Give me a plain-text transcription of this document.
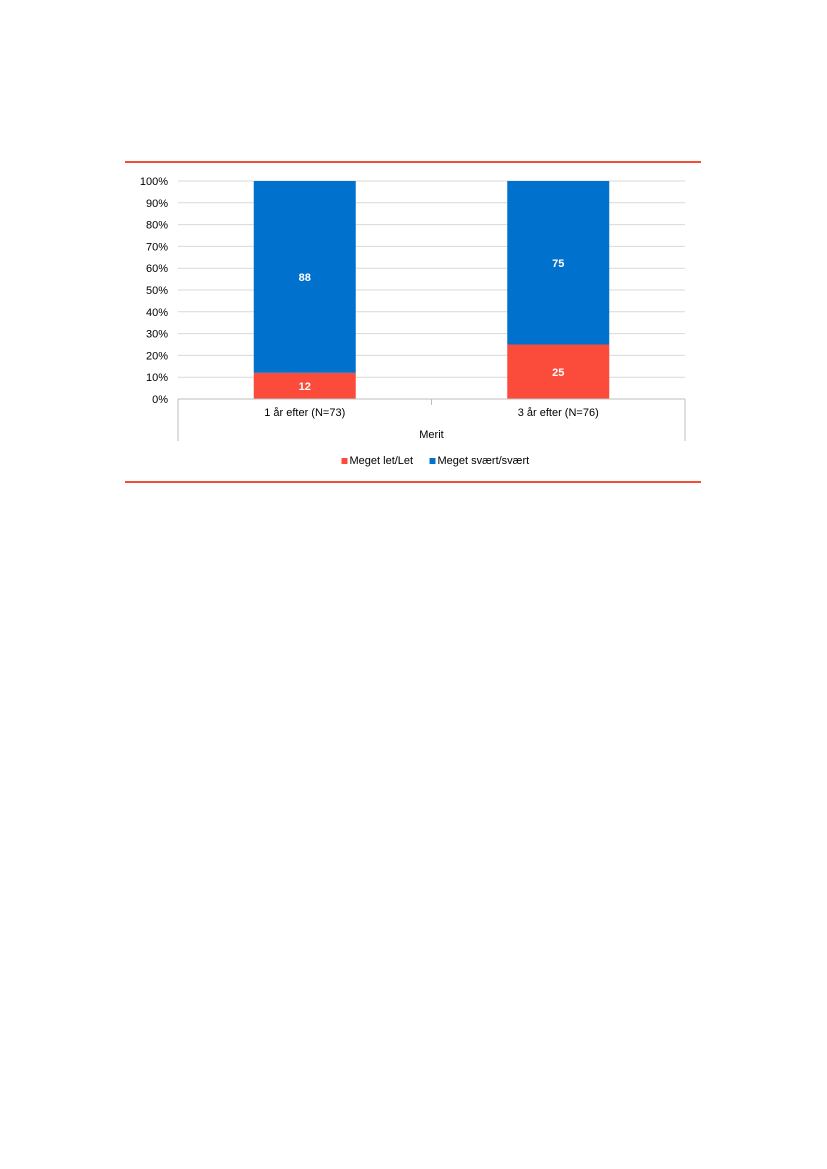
0%
10%
20%
30%
40%
50%
60%
70%
80%
90%
100%
12
88
25
75
1 år efter (N=73)	3 år efter (N=76)
Merit
Meget let/Let Meget svært/svært
